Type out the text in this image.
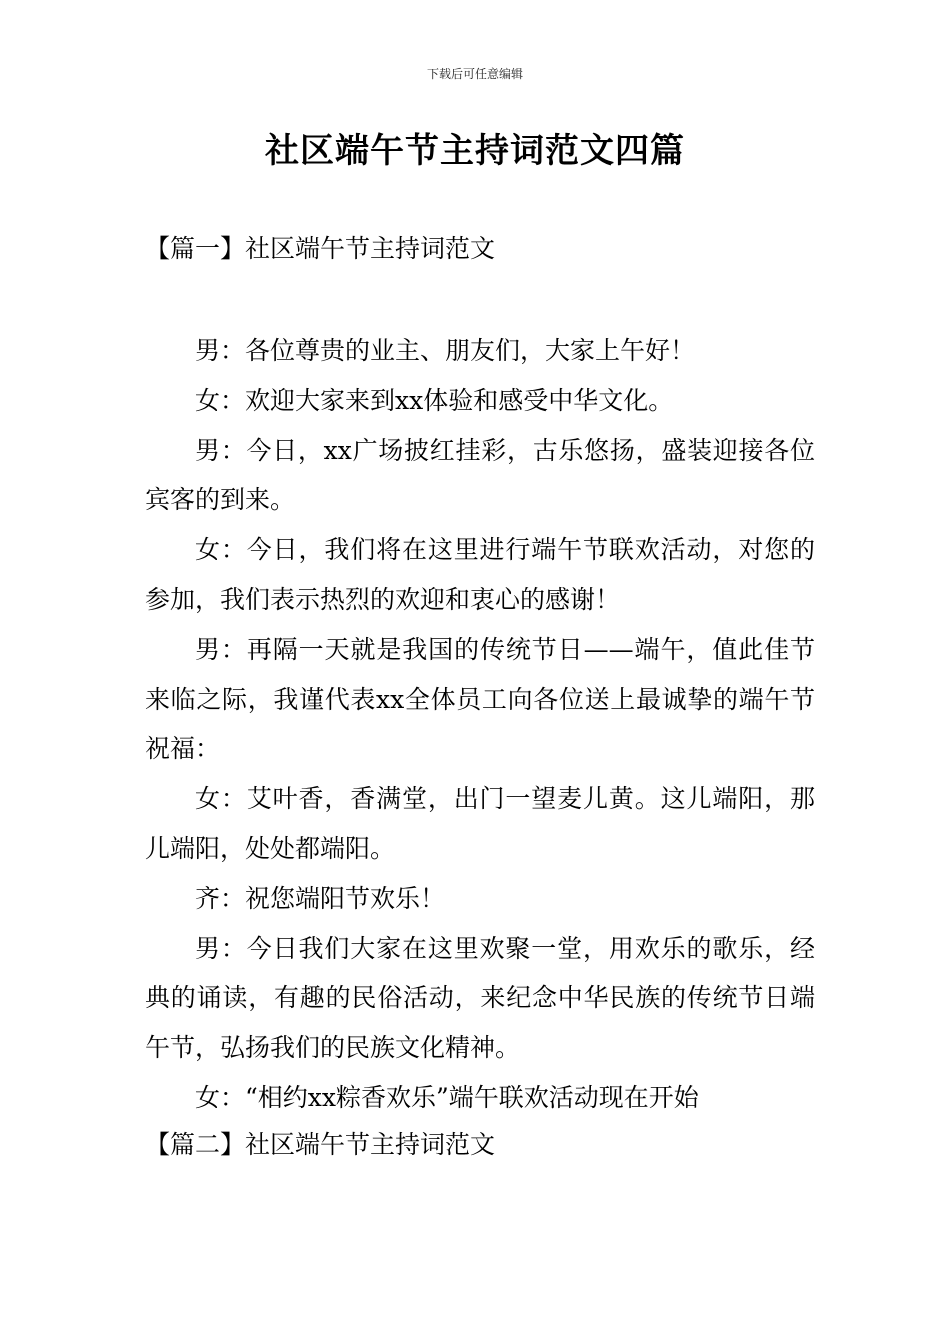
下载后可任意编辑
社区端午节主持词范文四篇
【篇一】社区端午节主持词范文

男：各位尊贵的业主、朋友们，大家上午好！

女：欢迎大家来到xx体验和感受中华文化。

男：今日，xx广场披红挂彩，古乐悠扬，盛装迎接各位宾客的到来。

女：今日，我们将在这里进行端午节联欢活动，对您的参加，我们表示热烈的欢迎和衷心的感谢！

男：再隔一天就是我国的传统节日——端午，值此佳节来临之际，我谨代表xx全体员工向各位送上最诚挚的端午节祝福：

女：艾叶香，香满堂，出门一望麦儿黄。这儿端阳，那儿端阳，处处都端阳。

齐：祝您端阳节欢乐！

男：今日我们大家在这里欢聚一堂，用欢乐的歌乐，经典的诵读，有趣的民俗活动，来纪念中华民族的传统节日端午节，弘扬我们的民族文化精神。

女：“相约xx粽香欢乐”端午联欢活动现在开始

【篇二】社区端午节主持词范文
